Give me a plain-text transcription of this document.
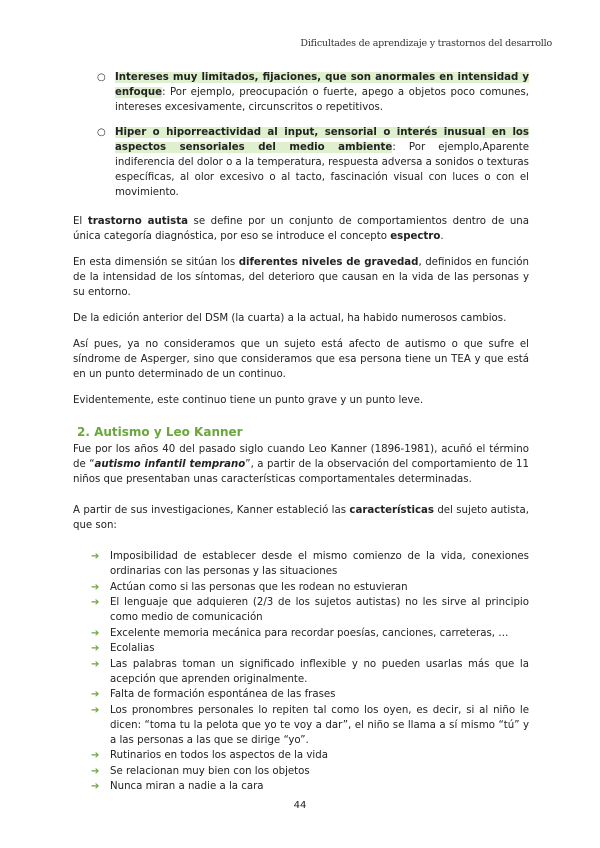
Dificultades de aprendizaje y trastornos del desarrollo
○ Intereses muy limitados, fijaciones, que son anormales en intensidad y enfoque: Por ejemplo, preocupación o fuerte, apego a objetos poco comunes, intereses excesivamente, circunscritos o repetitivos.
○ Hiper o hiporreactividad al input, sensorial o interés inusual en los aspectos sensoriales del medio ambiente: Por ejemplo,Aparente indiferencia del dolor o a la temperatura, respuesta adversa a sonidos o texturas específicas, al olor excesivo o al tacto, fascinación visual con luces o con el movimiento.

El trastorno autista se define por un conjunto de comportamientos dentro de una única categoría diagnóstica, por eso se introduce el concepto espectro.

En esta dimensión se sitúan los diferentes niveles de gravedad, definidos en función de la intensidad de los síntomas, del deterioro que causan en la vida de las personas y su entorno.

De la edición anterior del DSM (la cuarta) a la actual, ha habido numerosos cambios.

Así pues, ya no consideramos que un sujeto está afecto de autismo o que sufre el síndrome de Asperger, sino que consideramos que esa persona tiene un TEA y que está en un punto determinado de un continuo.

Evidentemente, este continuo tiene un punto grave y un punto leve.

2. Autismo y Leo Kanner

Fue por los años 40 del pasado siglo cuando Leo Kanner (1896-1981), acuñó el término de “autismo infantil temprano”, a partir de la observación del comportamiento de 11 niños que presentaban unas características comportamentales determinadas.

A partir de sus investigaciones, Kanner estableció las características del sujeto autista, que son:

➔ Imposibilidad de establecer desde el mismo comienzo de la vida, conexiones ordinarias con las personas y las situaciones
➔ Actúan como si las personas que les rodean no estuvieran
➔ El lenguaje que adquieren (2/3 de los sujetos autistas) no les sirve al principio como medio de comunicación
➔ Excelente memoria mecánica para recordar poesías, canciones, carreteras, …
➔ Ecolalias
➔ Las palabras toman un significado inflexible y no pueden usarlas más que la acepción que aprenden originalmente.
➔ Falta de formación espontánea de las frases
➔ Los pronombres personales lo repiten tal como los oyen, es decir, si al niño le dicen: “toma tu la pelota que yo te voy a dar”, el niño se llama a sí mismo “tú” y a las personas a las que se dirige “yo”.
➔ Rutinarios en todos los aspectos de la vida
➔ Se relacionan muy bien con los objetos
➔ Nunca miran a nadie a la cara
44
